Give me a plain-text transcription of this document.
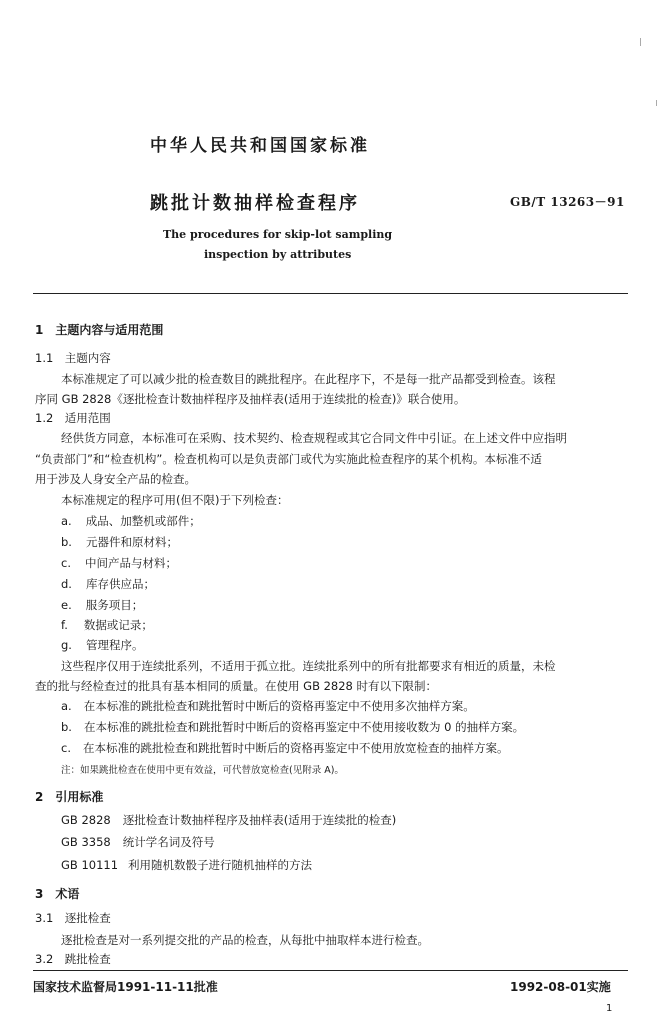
中华人民共和国国家标准
跳批计数抽样检查程序	GB/T 13263－91
The procedures for skip-lot sampling
inspection by attributes
1　主题内容与适用范围
1.1　主题内容
本标准规定了可以减少批的检查数目的跳批程序。在此程序下，不是每一批产品都受到检查。该程
序同 GB 2828《逐批检查计数抽样程序及抽样表(适用于连续批的检查)》联合使用。
1.2　适用范围
经供货方同意，本标准可在采购、技术契约、检查规程或其它合同文件中引证。在上述文件中应指明
“负责部门”和“检查机构”。检查机构可以是负责部门或代为实施此检查程序的某个机构。本标准不适
用于涉及人身安全产品的检查。
本标准规定的程序可用(但不限)于下列检查：
a. 成品、加整机或部件；
b. 元器件和原材料；
c. 中间产品与材料；
d. 库存供应品；
e. 服务项目；
f. 数据或记录；
g. 管理程序。
这些程序仅用于连续批系列，不适用于孤立批。连续批系列中的所有批都要求有相近的质量，未检
查的批与经检查过的批具有基本相同的质量。在使用 GB 2828 时有以下限制：
a. 在本标准的跳批检查和跳批暂时中断后的资格再鉴定中不使用多次抽样方案。
b. 在本标准的跳批检查和跳批暂时中断后的资格再鉴定中不使用接收数为 0 的抽样方案。
c. 在本标准的跳批检查和跳批暂时中断后的资格再鉴定中不使用放宽检查的抽样方案。
注：如果跳批检查在使用中更有效益，可代替放宽检查(见附录 A)。
2　引用标准
GB 2828 逐批检查计数抽样程序及抽样表(适用于连续批的检查)
GB 3358 统计学名词及符号
GB 10111 利用随机数骰子进行随机抽样的方法
3　术语
3.1　逐批检查
逐批检查是对一系列提交批的产品的检查，从每批中抽取样本进行检查。
3.2　跳批检查
国家技术监督局1991-11-11批准	1992-08-01实施
1
